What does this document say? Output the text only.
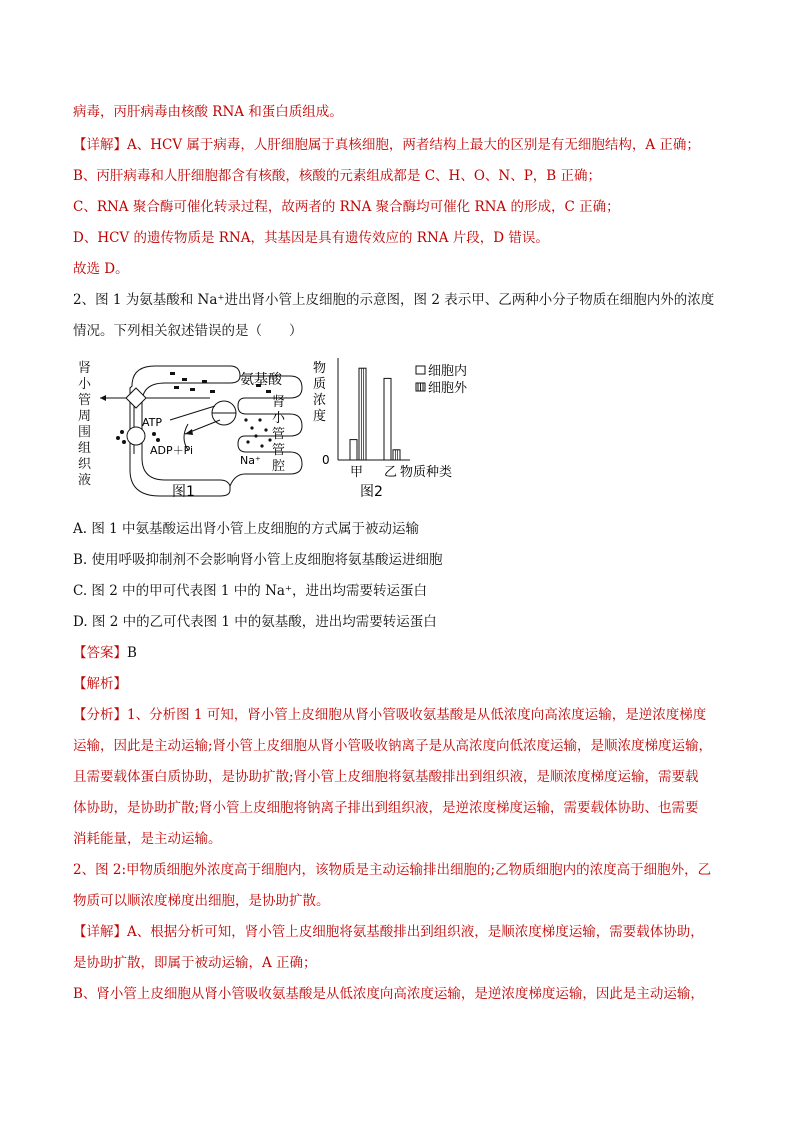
病毒，丙肝病毒由核酸 RNA 和蛋白质组成。
【详解】A、HCV 属于病毒，人肝细胞属于真核细胞，两者结构上最大的区别是有无细胞结构，A 正确；
B、丙肝病毒和人肝细胞都含有核酸，核酸的元素组成都是 C、H、O、N、P，B 正确；
C、RNA 聚合酶可催化转录过程，故两者的 RNA 聚合酶均可催化 RNA 的形成，C 正确；
D、HCV 的遗传物质是 RNA，其基因是具有遗传效应的 RNA 片段，D 错误。
故选 D。
2、图 1 为氨基酸和 Na⁺进出肾小管上皮细胞的示意图，图 2 表示甲、乙两种小分子物质在细胞内外的浓度
情况。下列相关叙述错误的是（　　）
肾
小
管
周
围
组
织
液
ATP
ADP＋Pi
氨基酸
肾
小
管
管
腔
Na⁺
图1
物
质
浓
度
0
甲 乙 物质种类
细胞内
细胞外
图2
A. 图 1 中氨基酸运出肾小管上皮细胞的方式属于被动运输
B. 使用呼吸抑制剂不会影响肾小管上皮细胞将氨基酸运进细胞
C. 图 2 中的甲可代表图 1 中的 Na⁺，进出均需要转运蛋白
D. 图 2 中的乙可代表图 1 中的氨基酸，进出均需要转运蛋白
【答案】B
【解析】
【分析】1、分析图 1 可知，肾小管上皮细胞从肾小管吸收氨基酸是从低浓度向高浓度运输，是逆浓度梯度
运输，因此是主动运输;肾小管上皮细胞从肾小管吸收钠离子是从高浓度向低浓度运输，是顺浓度梯度运输，
且需要载体蛋白质协助，是协助扩散;肾小管上皮细胞将氨基酸排出到组织液，是顺浓度梯度运输，需要载
体协助，是协助扩散;肾小管上皮细胞将钠离子排出到组织液，是逆浓度梯度运输，需要载体协助、也需要
消耗能量，是主动运输。
2、图 2:甲物质细胞外浓度高于细胞内，该物质是主动运输排出细胞的;乙物质细胞内的浓度高于细胞外，乙
物质可以顺浓度梯度出细胞，是协助扩散。
【详解】A、根据分析可知，肾小管上皮细胞将氨基酸排出到组织液，是顺浓度梯度运输，需要载体协助，
是协助扩散，即属于被动运输，A 正确；
B、肾小管上皮细胞从肾小管吸收氨基酸是从低浓度向高浓度运输，是逆浓度梯度运输，因此是主动运输，
